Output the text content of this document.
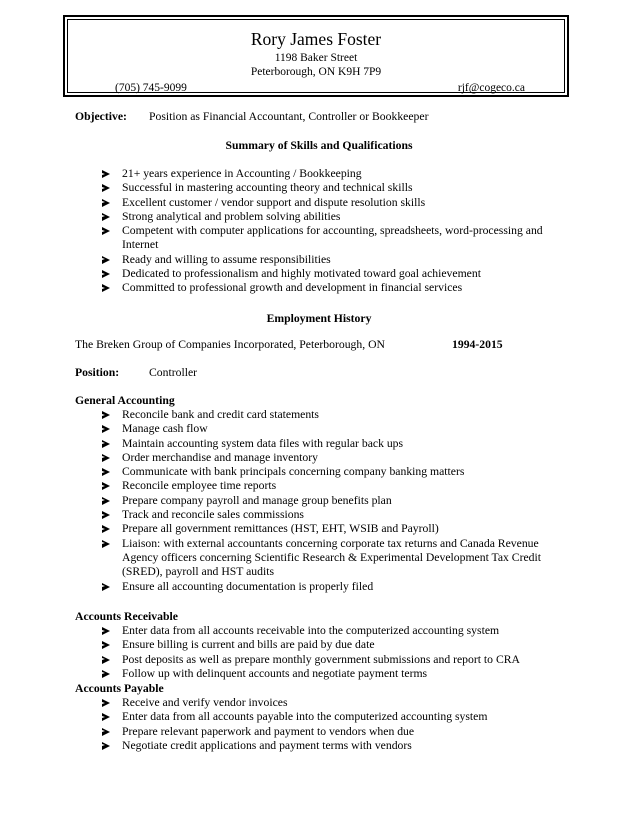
Rory James Foster
1198 Baker Street
Peterborough, ON K9H 7P9
(705) 745-9099	rjf@cogeco.ca
Objective: Position as Financial Accountant, Controller or Bookkeeper
Summary of Skills and Qualifications
21+ years experience in Accounting / Bookkeeping
Successful in mastering accounting theory and technical skills
Excellent customer / vendor support and dispute resolution skills
Strong analytical and problem solving abilities
Competent with computer applications for accounting, spreadsheets, word-processing and Internet
Ready and willing to assume responsibilities
Dedicated to professionalism and highly motivated toward goal achievement
Committed to professional growth and development in financial services
Employment History
The Breken Group of Companies Incorporated, Peterborough, ON	1994-2015
Position:	Controller
General Accounting
Reconcile bank and credit card statements
Manage cash flow
Maintain accounting system data files with regular back ups
Order merchandise and manage inventory
Communicate with bank principals concerning company banking matters
Reconcile employee time reports
Prepare company payroll and manage group benefits plan
Track and reconcile sales commissions
Prepare all government remittances (HST, EHT, WSIB and Payroll)
Liaison: with external accountants concerning corporate tax returns and Canada Revenue Agency officers concerning Scientific Research & Experimental Development Tax Credit (SRED), payroll and HST audits
Ensure all accounting documentation is properly filed
Accounts Receivable
Enter data from all accounts receivable into the computerized accounting system
Ensure billing is current and bills are paid by due date
Post deposits as well as prepare monthly government submissions and report to CRA
Follow up with delinquent accounts and negotiate payment terms
Accounts Payable
Receive and verify vendor invoices
Enter data from all accounts payable into the computerized accounting system
Prepare relevant paperwork and payment to vendors when due
Negotiate credit applications and payment terms with vendors
